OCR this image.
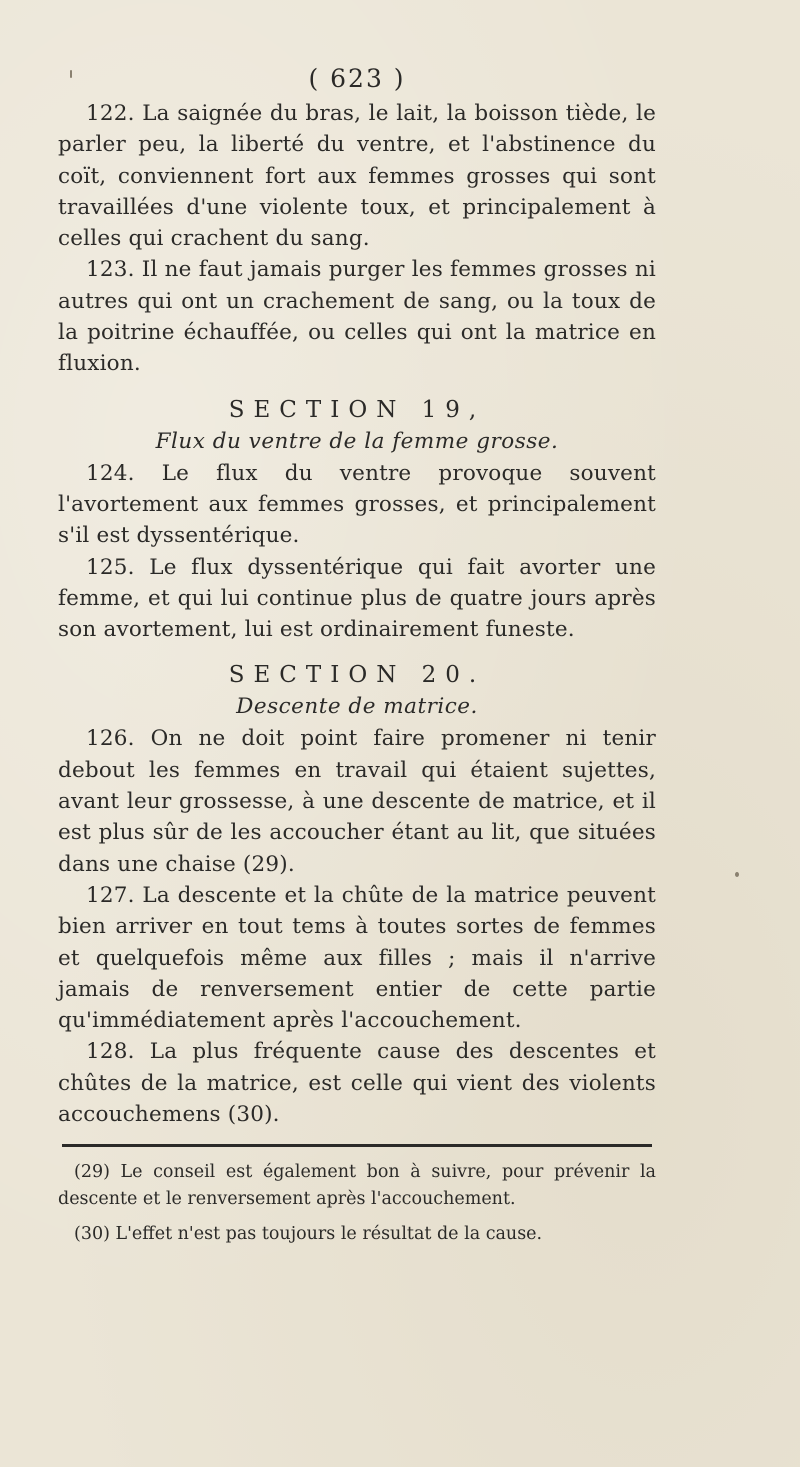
( 623 )

122. La saignée du bras, le lait, la boisson tiède, le parler peu, la liberté du ventre, et l'abstinence du coït, conviennent fort aux femmes grosses qui sont travaillées d'une violente toux, et principalement à celles qui crachent du sang.

123. Il ne faut jamais purger les femmes grosses ni autres qui ont un crachement de sang, ou la toux de la poitrine échauffée, ou celles qui ont la matrice en fluxion.

SECTION 19,
Flux du ventre de la femme grosse.

124. Le flux du ventre provoque souvent l'avortement aux femmes grosses, et principalement s'il est dyssentérique.

125. Le flux dyssentérique qui fait avorter une femme, et qui lui continue plus de quatre jours après son avortement, lui est ordinairement funeste.

SECTION 20.
Descente de matrice.

126. On ne doit point faire promener ni tenir debout les femmes en travail qui étaient sujettes, avant leur grossesse, à une descente de matrice, et il est plus sûr de les accoucher étant au lit, que situées dans une chaise (29).

127. La descente et la chûte de la matrice peuvent bien arriver en tout tems à toutes sortes de femmes et quelquefois même aux filles ; mais il n'arrive jamais de renversement entier de cette partie qu'immédiatement après l'accouchement.

128. La plus fréquente cause des descentes et chûtes de la matrice, est celle qui vient des violents accouchemens (30).

(29) Le conseil est également bon à suivre, pour prévenir la descente et le renversement après l'accouchement.

(30) L'effet n'est pas toujours le résultat de la cause.
